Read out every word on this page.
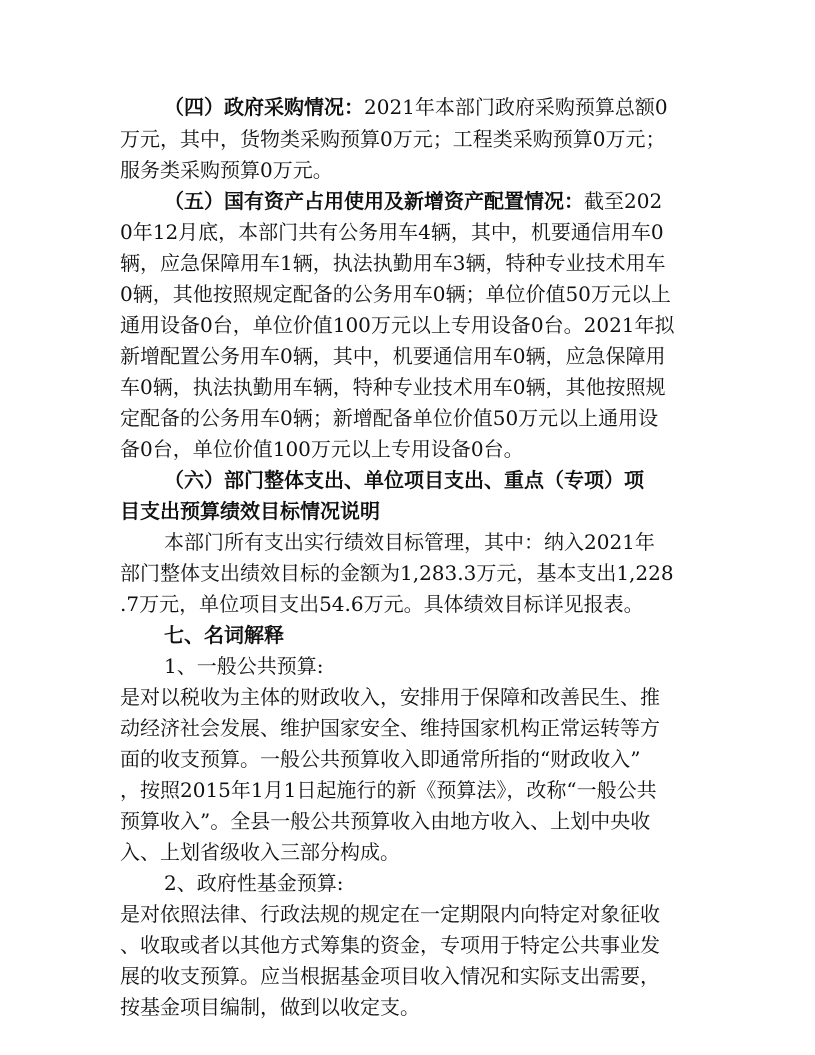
（四）政府采购情况：2021年本部门政府采购预算总额0
万元，其中，货物类采购预算0万元；工程类采购预算0万元；
服务类采购预算0万元。
（五）国有资产占用使用及新增资产配置情况：截至202
0年12月底，本部门共有公务用车4辆，其中，机要通信用车0
辆，应急保障用车1辆，执法执勤用车3辆，特种专业技术用车
0辆，其他按照规定配备的公务用车0辆；单位价值50万元以上
通用设备0台，单位价值100万元以上专用设备0台。2021年拟
新增配置公务用车0辆，其中，机要通信用车0辆，应急保障用
车0辆，执法执勤用车辆，特种专业技术用车0辆，其他按照规
定配备的公务用车0辆；新增配备单位价值50万元以上通用设
备0台，单位价值100万元以上专用设备0台。
（六）部门整体支出、单位项目支出、重点（专项）项
目支出预算绩效目标情况说明
本部门所有支出实行绩效目标管理，其中：纳入2021年
部门整体支出绩效目标的金额为1,283.3万元，基本支出1,228
.7万元，单位项目支出54.6万元。具体绩效目标详见报表。
七、名词解释
1、一般公共预算:
是对以税收为主体的财政收入，安排用于保障和改善民生、推
动经济社会发展、维护国家安全、维持国家机构正常运转等方
面的收支预算。一般公共预算收入即通常所指的“财政收入”
，按照2015年1月1日起施行的新《预算法》，改称“一般公共
预算收入”。全县一般公共预算收入由地方收入、上划中央收
入、上划省级收入三部分构成。
2、政府性基金预算:
是对依照法律、行政法规的规定在一定期限内向特定对象征收
、收取或者以其他方式筹集的资金，专项用于特定公共事业发
展的收支预算。应当根据基金项目收入情况和实际支出需要，
按基金项目编制，做到以收定支。
